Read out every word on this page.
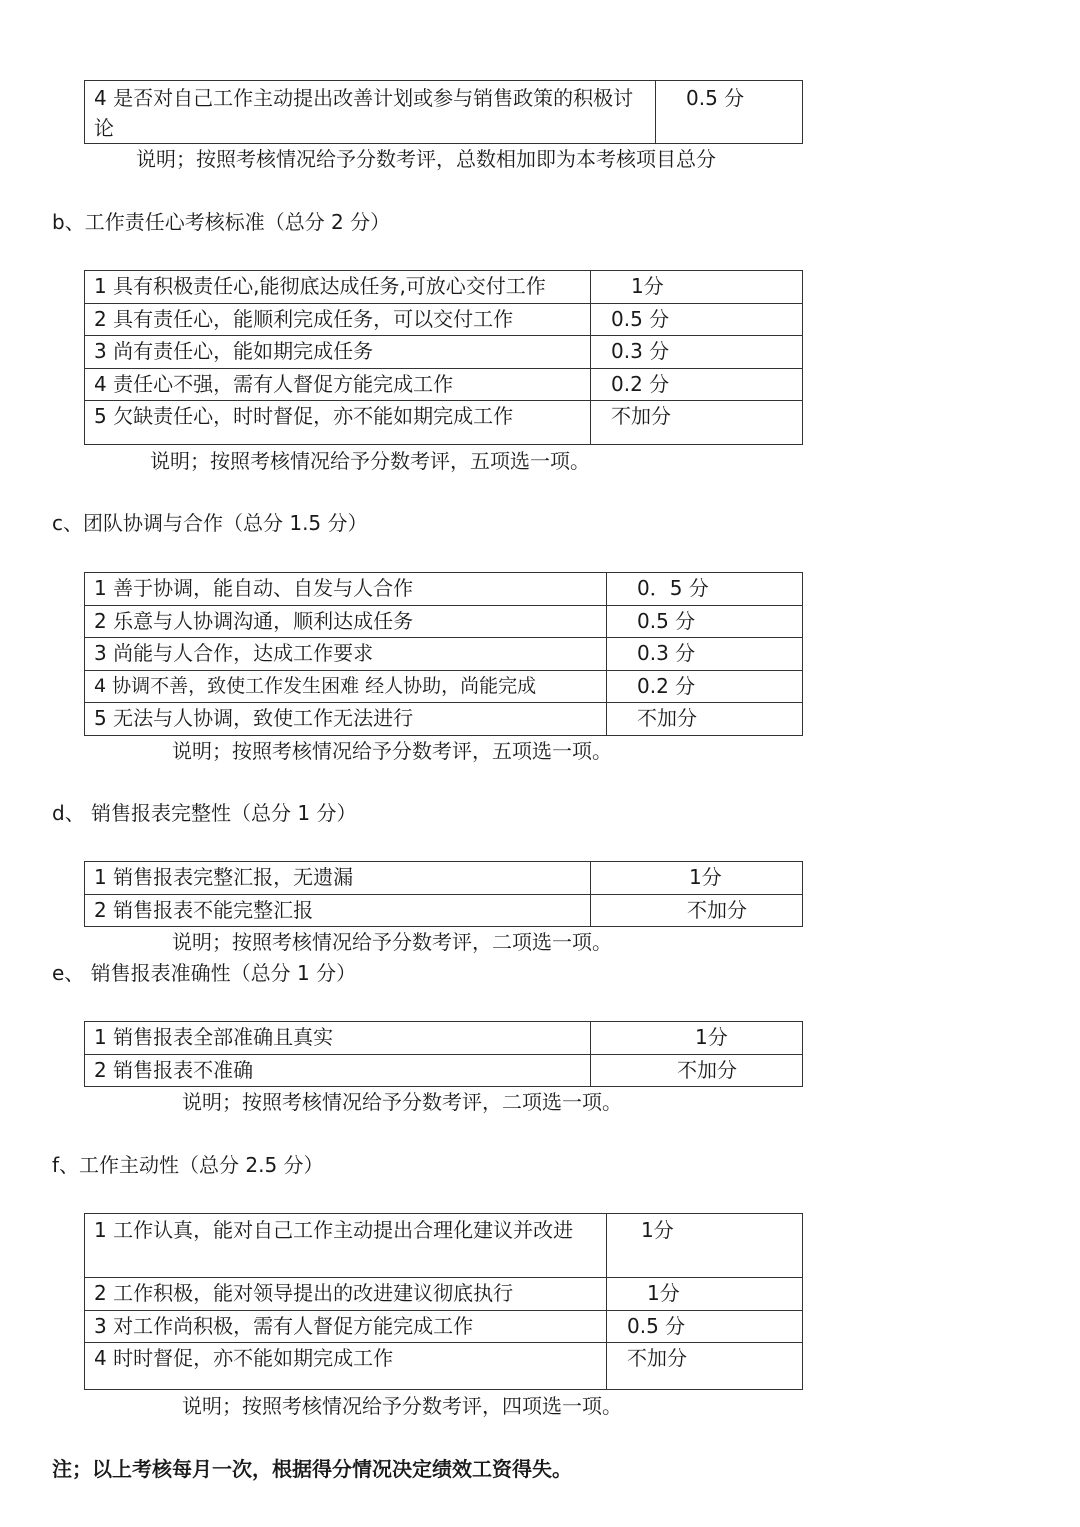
4 是否对自己工作主动提出改善计划或参与销售政策的积极讨论	0.5 分
说明；按照考核情况给予分数考评，总数相加即为本考核项目总分
b、工作责任心考核标准（总分 2 分）
1 具有积极责任心,能彻底达成任务,可放心交付工作	1分
2 具有责任心，能顺利完成任务，可以交付工作	0.5 分
3 尚有责任心，能如期完成任务	0.3 分
4 责任心不强，需有人督促方能完成工作	0.2 分
5 欠缺责任心，时时督促，亦不能如期完成工作	不加分
说明；按照考核情况给予分数考评，五项选一项。
c、团队协调与合作（总分 1.5 分）
1 善于协调，能自动、自发与人合作	0．5 分
2 乐意与人协调沟通，顺利达成任务	0.5 分
3 尚能与人合作，达成工作要求	0.3 分
4 协调不善，致使工作发生困难 经人协助，尚能完成	0.2 分
5 无法与人协调，致使工作无法进行	不加分
说明；按照考核情况给予分数考评，五项选一项。
d、 销售报表完整性（总分 1 分）
1 销售报表完整汇报，无遗漏	1分
2 销售报表不能完整汇报	不加分
说明；按照考核情况给予分数考评，二项选一项。
e、 销售报表准确性（总分 1 分）
1 销售报表全部准确且真实	1分
2 销售报表不准确	不加分
说明；按照考核情况给予分数考评，二项选一项。
f、工作主动性（总分 2.5 分）
1 工作认真，能对自己工作主动提出合理化建议并改进	1分
2 工作积极，能对领导提出的改进建议彻底执行	1分
3 对工作尚积极，需有人督促方能完成工作	0.5 分
4 时时督促，亦不能如期完成工作	不加分
说明；按照考核情况给予分数考评，四项选一项。
注；以上考核每月一次，根据得分情况决定绩效工资得失。
